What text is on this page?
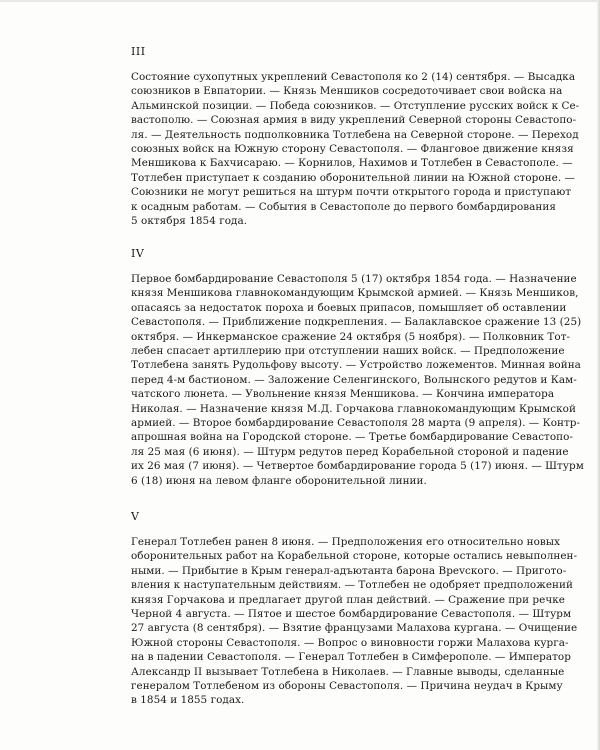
III

Состояние сухопутных укреплений Севастополя ко 2 (14) сентября. — Высадка
союзников в Евпатории. — Князь Меншиков сосредоточивает свои войска на
Альминской позиции. — Победа союзников. — Отступление русских войск к Се-
вастополю. — Союзная армия в виду укреплений Северной стороны Севастопо-
ля. — Деятельность подполковника Тотлебена на Северной стороне. — Переход
союзных войск на Южную сторону Севастополя. — Фланговое движение князя
Меншикова к Бахчисараю. — Корнилов, Нахимов и Тотлебен в Севастополе. —
Тотлебен приступает к созданию оборонительной линии на Южной стороне. —
Союзники не могут решиться на штурм почти открытого города и приступают
к осадным работам. — События в Севастополе до первого бомбардирования
5 октября 1854 года.

IV

Первое бомбардирование Севастополя 5 (17) октября 1854 года. — Назначение
князя Меншикова главнокомандующим Крымской армией. — Князь Меншиков,
опасаясь за недостаток пороха и боевых припасов, помышляет об оставлении
Севастополя. — Приближение подкрепления. — Балаклавское сражение 13 (25)
октября. — Инкерманское сражение 24 октября (5 ноября). — Полковник Тот-
лебен спасает артиллерию при отступлении наших войск. — Предположение
Тотлебена занять Рудольфову высоту. — Устройство ложементов. Минная война
перед 4-м бастионом. — Заложение Селенгинского, Волынского редутов и Кам-
чатского люнета. — Увольнение князя Меншикова. — Кончина императора
Николая. — Назначение князя М.Д. Горчакова главнокомандующим Крымской
армией. — Второе бомбардирование Севастополя 28 марта (9 апреля). — Контр-
апрошная война на Городской стороне. — Третье бомбардирование Севастопо-
ля 25 мая (6 июня). — Штурм редутов перед Корабельной стороной и падение
их 26 мая (7 июня). — Четвертое бомбардирование города 5 (17) июня. — Штурм
6 (18) июня на левом фланге оборонительной линии.

V

Генерал Тотлебен ранен 8 июня. — Предположения его относительно новых
оборонительных работ на Корабельной стороне, которые остались невыполнен-
ными. — Прибытие в Крым генерал-адъютанта барона Врevского. — Пригото-
вления к наступательным действиям. — Тотлебен не одобряет предположений
князя Горчакова и предлагает другой план действий. — Сражение при речке
Черной 4 августа. — Пятое и шестое бомбардирование Севастополя. — Штурм
27 августа (8 сентября). — Взятие французами Малахова кургана. — Очищение
Южной стороны Севастополя. — Вопрос о виновности горжи Малахова курга-
на в падении Севастополя. — Генерал Тотлебен в Симферополе. — Император
Александр II вызывает Тотлебена в Николаев. — Главные выводы, сделанные
генералом Тотлебеном из обороны Севастополя. — Причина неудач в Крыму
в 1854 и 1855 годах.
